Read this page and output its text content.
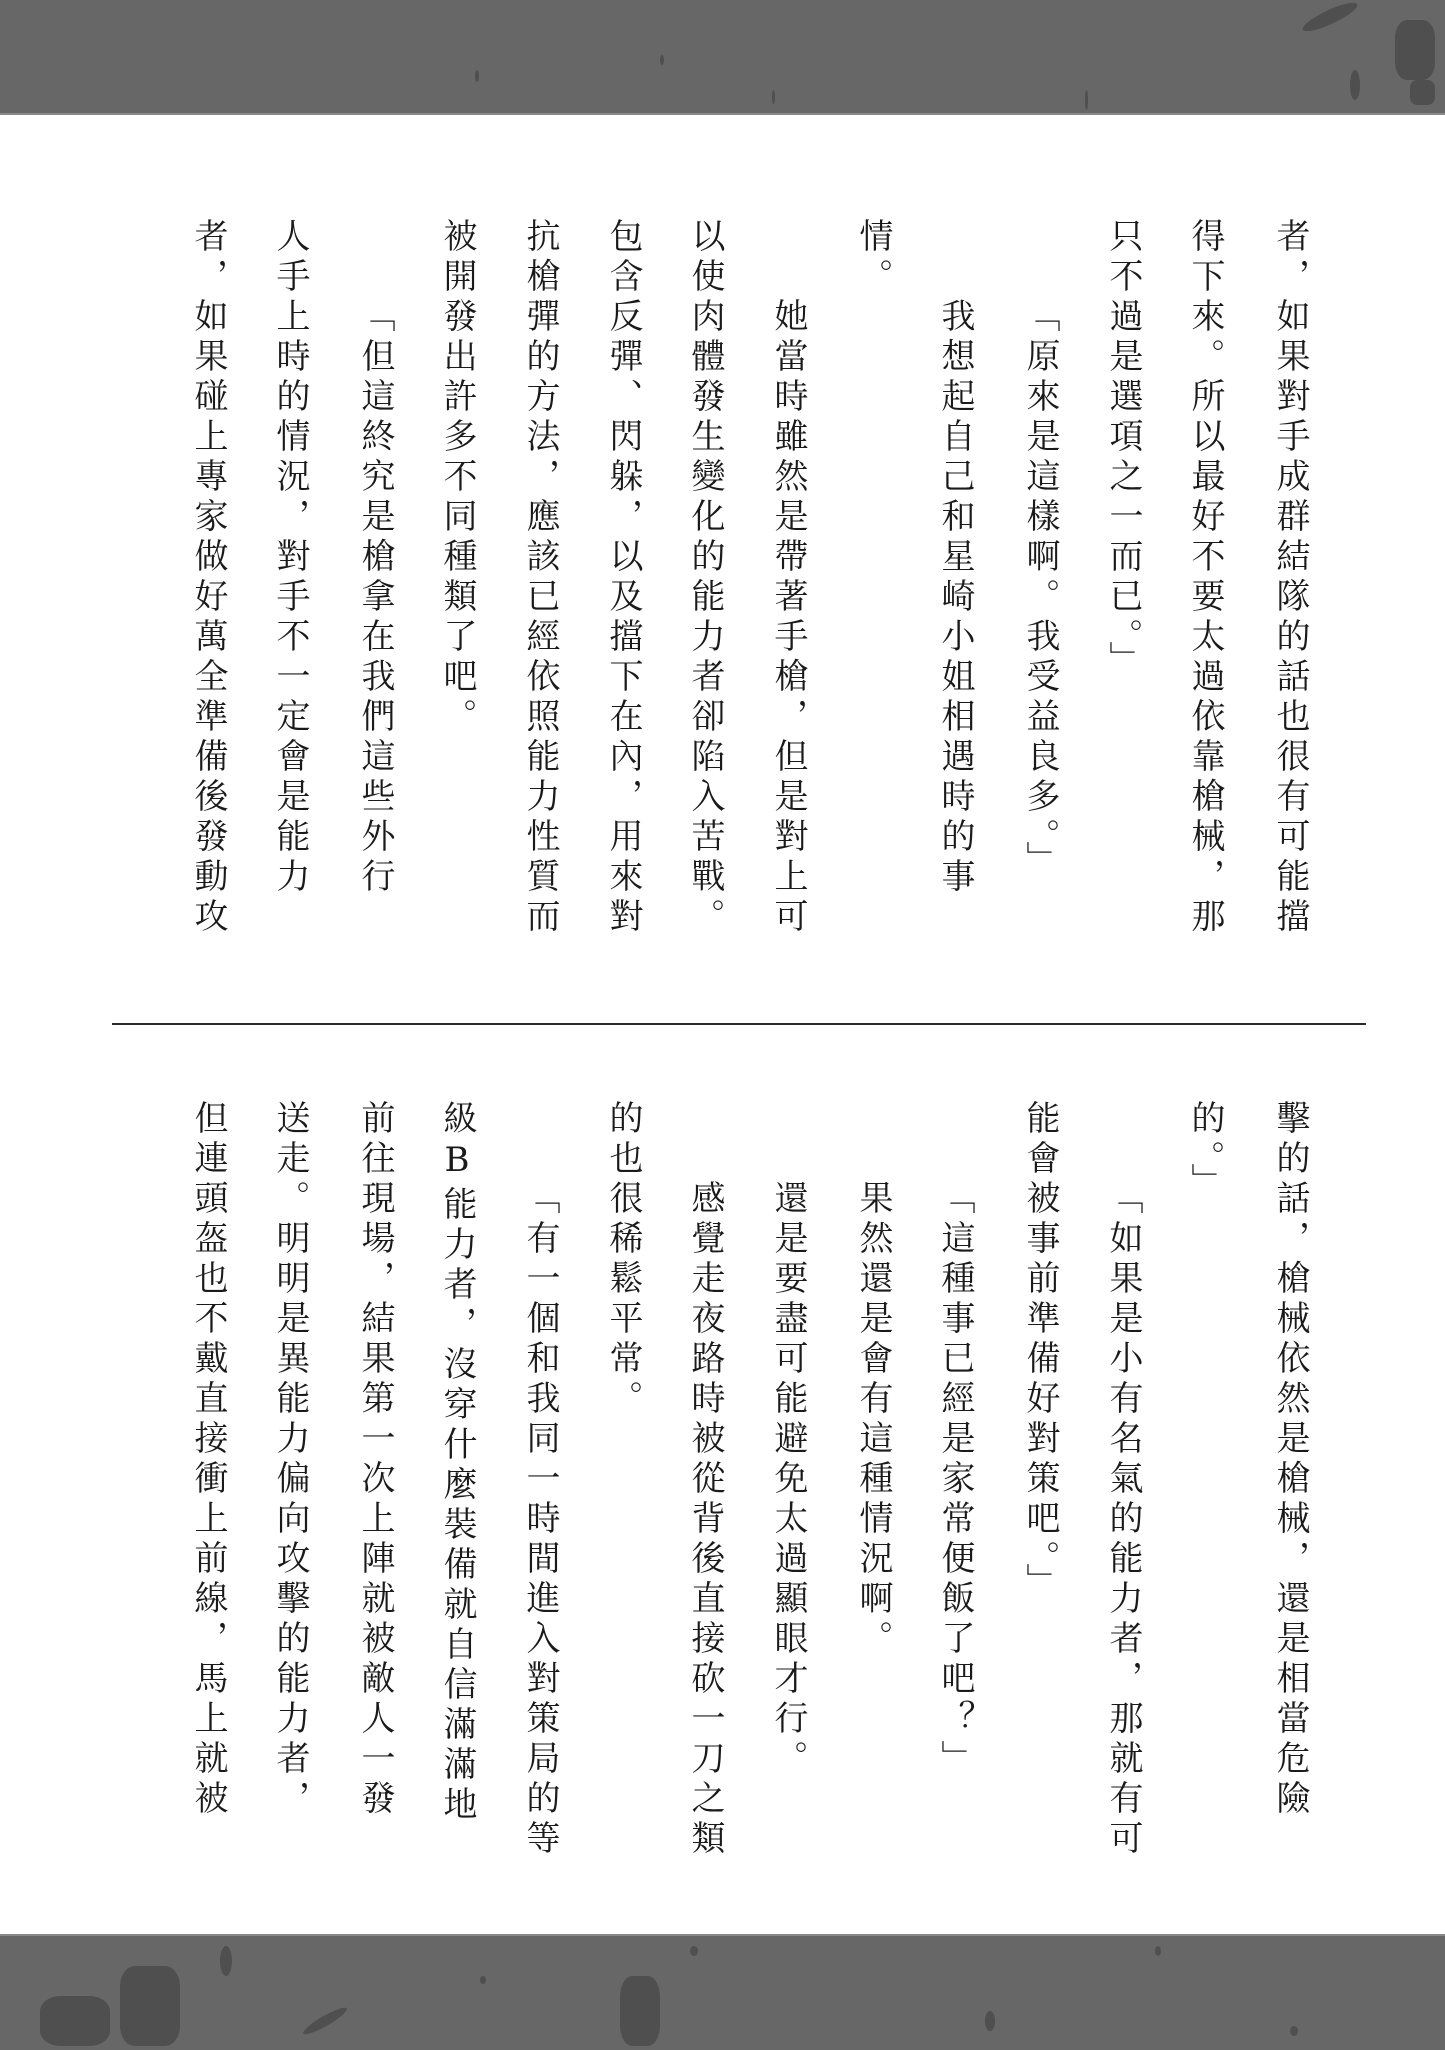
者，如果對手成群結隊的話也很有可能擋
得下來。所以最好不要太過依靠槍械，那
只不過是選項之一而已。」
「原來是這樣啊。我受益良多。」
我想起自己和星崎小姐相遇時的事
情。
她當時雖然是帶著手槍，但是對上可
以使肉體發生變化的能力者卻陷入苦戰。
包含反彈、閃躲，以及擋下在內，用來對
抗槍彈的方法，應該已經依照能力性質而
被開發出許多不同種類了吧。
「但這終究是槍拿在我們這些外行
人手上時的情況，對手不一定會是能力
者，如果碰上專家做好萬全準備後發動攻
擊的話，槍械依然是槍械，還是相當危險
的。」
「如果是小有名氣的能力者，那就有可
能會被事前準備好對策吧。」
「這種事已經是家常便飯了吧？」
果然還是會有這種情況啊。
還是要盡可能避免太過顯眼才行。
感覺走夜路時被從背後直接砍一刀之類
的也很稀鬆平常。
「有一個和我同一時間進入對策局的等
級B能力者，沒穿什麼裝備就自信滿滿地
前往現場，結果第一次上陣就被敵人一發
送走。明明是異能力偏向攻擊的能力者，
但連頭盔也不戴直接衝上前線，馬上就被
